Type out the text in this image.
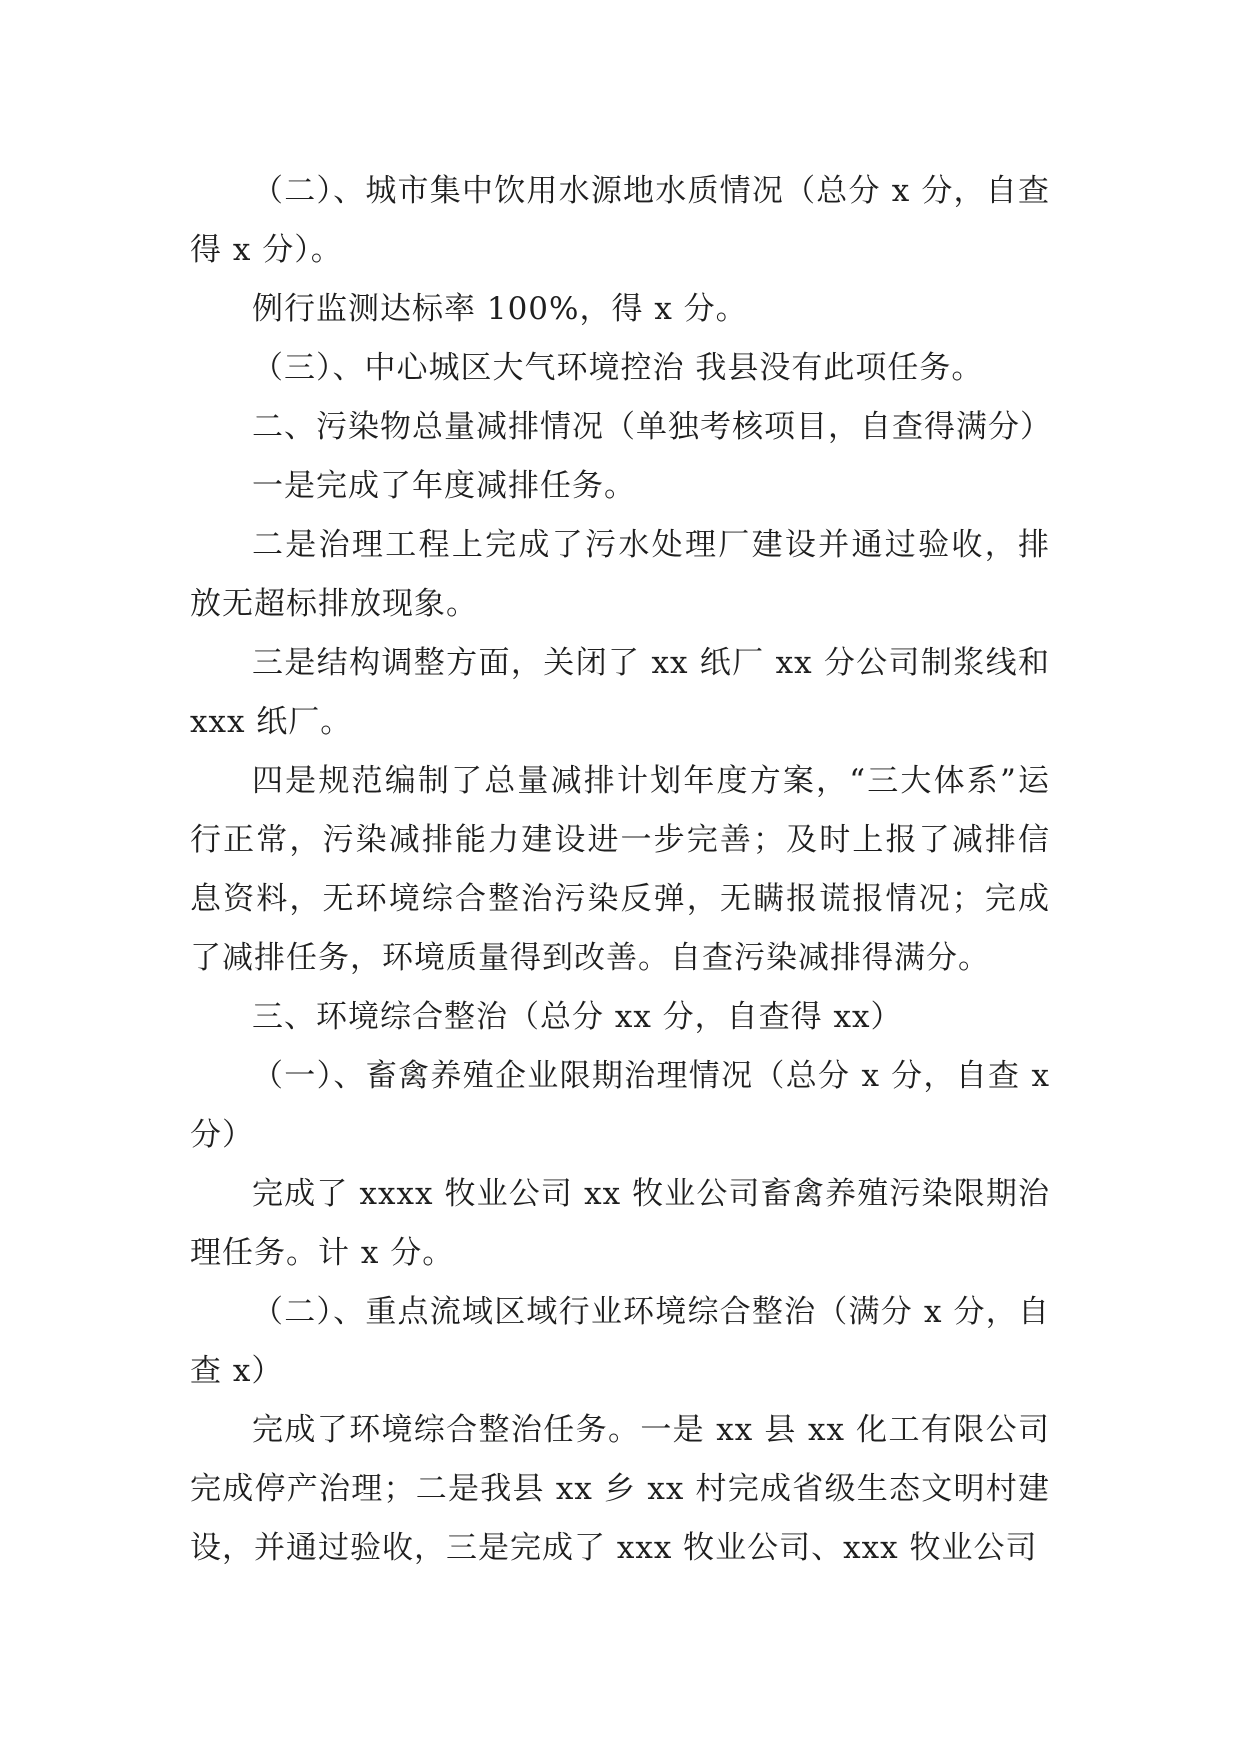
（二）、城市集中饮用水源地水质情况（总分 x 分，自查得 x 分）。

例行监测达标率 100%，得 x 分。

（三）、中心城区大气环境控治 我县没有此项任务。

二、污染物总量减排情况（单独考核项目，自查得满分）

一是完成了年度减排任务。

二是治理工程上完成了污水处理厂建设并通过验收，排放无超标排放现象。

三是结构调整方面，关闭了 xx 纸厂 xx 分公司制浆线和 xxx 纸厂。

四是规范编制了总量减排计划年度方案，“三大体系”运行正常，污染减排能力建设进一步完善；及时上报了减排信息资料，无环境综合整治污染反弹，无瞒报谎报情况；完成了减排任务，环境质量得到改善。自查污染减排得满分。

三、环境综合整治（总分 xx 分，自查得 xx）

（一）、畜禽养殖企业限期治理情况（总分 x 分，自查 x 分）

完成了 xxxx 牧业公司 xx 牧业公司畜禽养殖污染限期治理任务。计 x 分。

（二）、重点流域区域行业环境综合整治（满分 x 分，自查 x）

完成了环境综合整治任务。一是 xx 县 xx 化工有限公司完成停产治理；二是我县 xx 乡 xx 村完成省级生态文明村建设，并通过验收，三是完成了 xxx 牧业公司、xxx 牧业公司
